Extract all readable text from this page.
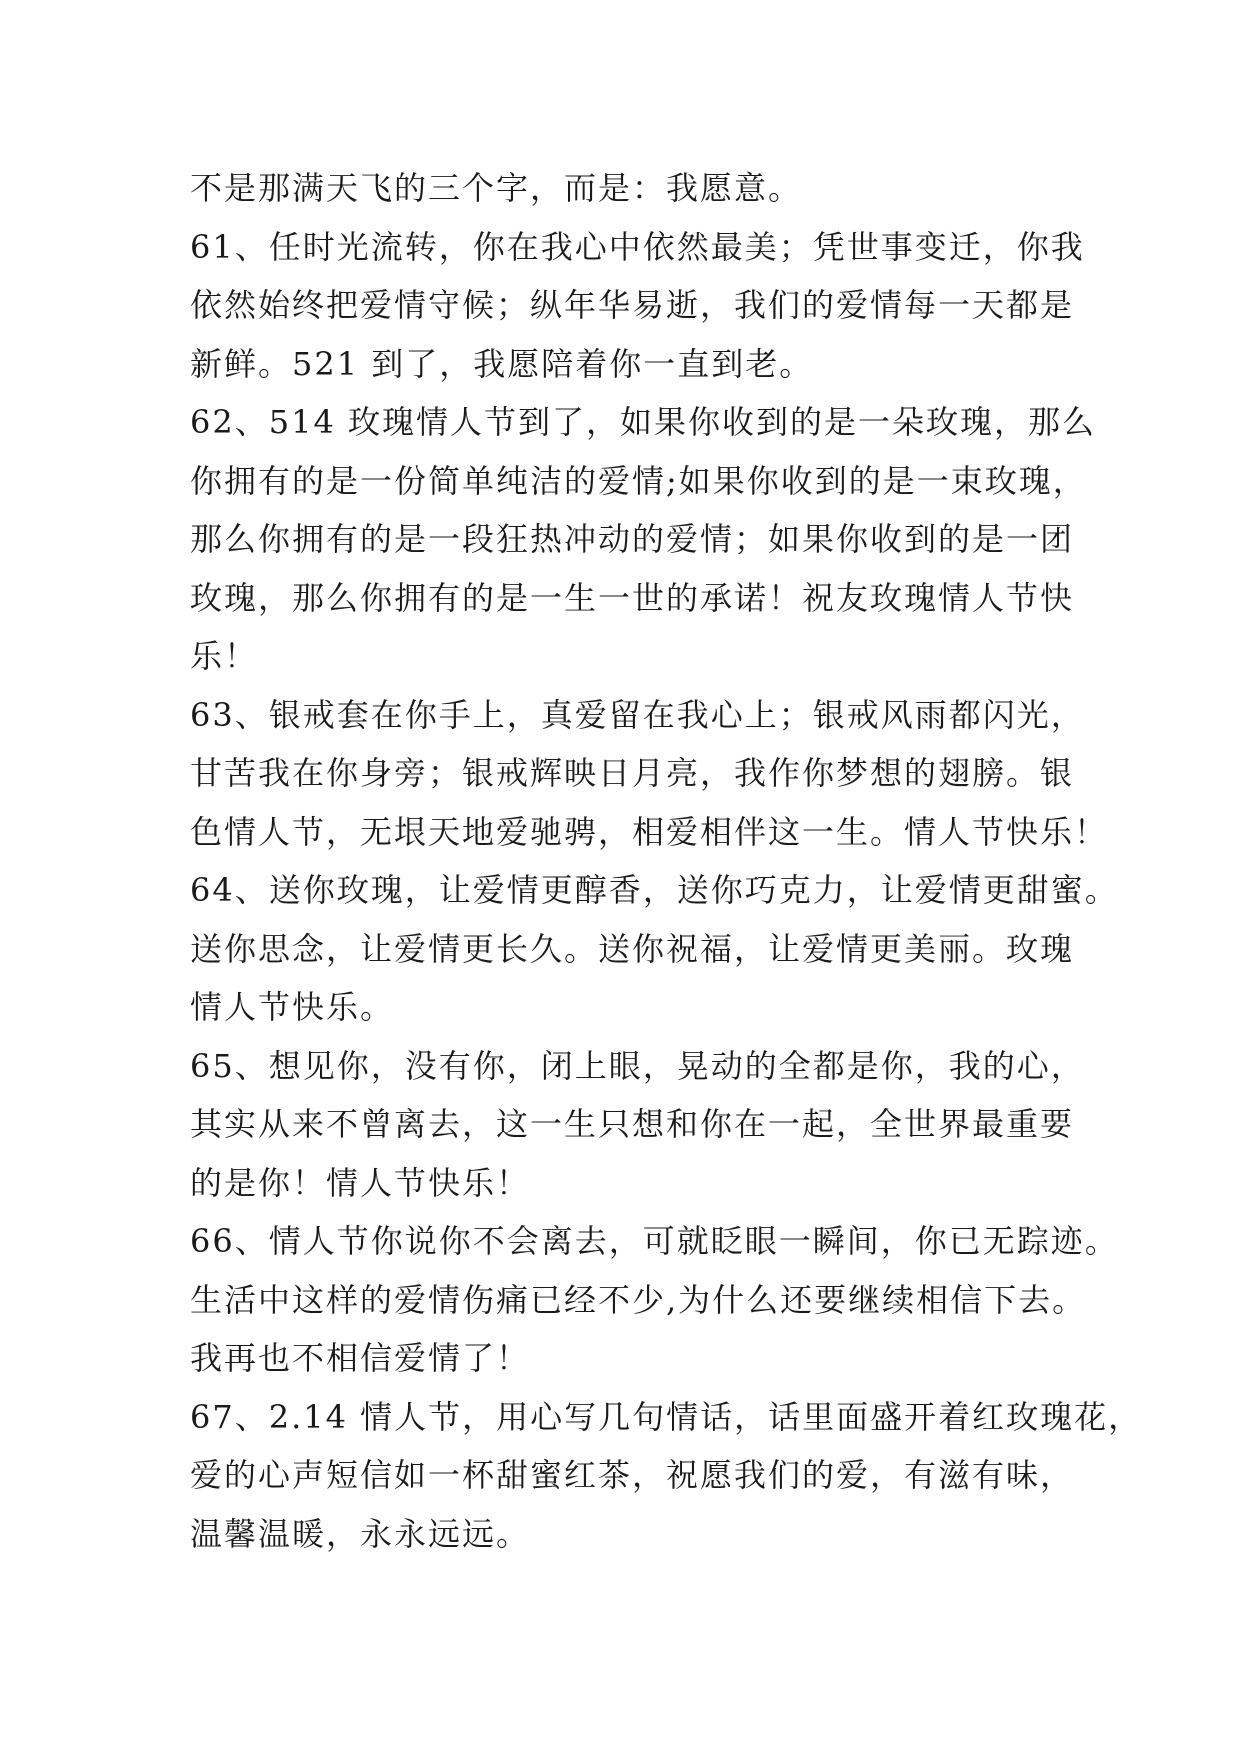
不是那满天飞的三个字，而是：我愿意。
61、任时光流转，你在我心中依然最美；凭世事变迁，你我
依然始终把爱情守候；纵年华易逝，我们的爱情每一天都是
新鲜。521 到了，我愿陪着你一直到老。
62、514 玫瑰情人节到了，如果你收到的是一朵玫瑰，那么
你拥有的是一份简单纯洁的爱情;如果你收到的是一束玫瑰，
那么你拥有的是一段狂热冲动的爱情；如果你收到的是一团
玫瑰，那么你拥有的是一生一世的承诺！祝友玫瑰情人节快
乐！
63、银戒套在你手上，真爱留在我心上；银戒风雨都闪光，
甘苦我在你身旁；银戒辉映日月亮，我作你梦想的翅膀。银
色情人节，无垠天地爱驰骋，相爱相伴这一生。情人节快乐！
64、送你玫瑰，让爱情更醇香，送你巧克力，让爱情更甜蜜。
送你思念，让爱情更长久。送你祝福，让爱情更美丽。玫瑰
情人节快乐。
65、想见你，没有你，闭上眼，晃动的全都是你，我的心，
其实从来不曾离去，这一生只想和你在一起，全世界最重要
的是你！情人节快乐！
66、情人节你说你不会离去，可就眨眼一瞬间，你已无踪迹。
生活中这样的爱情伤痛已经不少,为什么还要继续相信下去。
我再也不相信爱情了！
67、2.14 情人节，用心写几句情话，话里面盛开着红玫瑰花，
爱的心声短信如一杯甜蜜红茶，祝愿我们的爱，有滋有味，
温馨温暖，永永远远。
